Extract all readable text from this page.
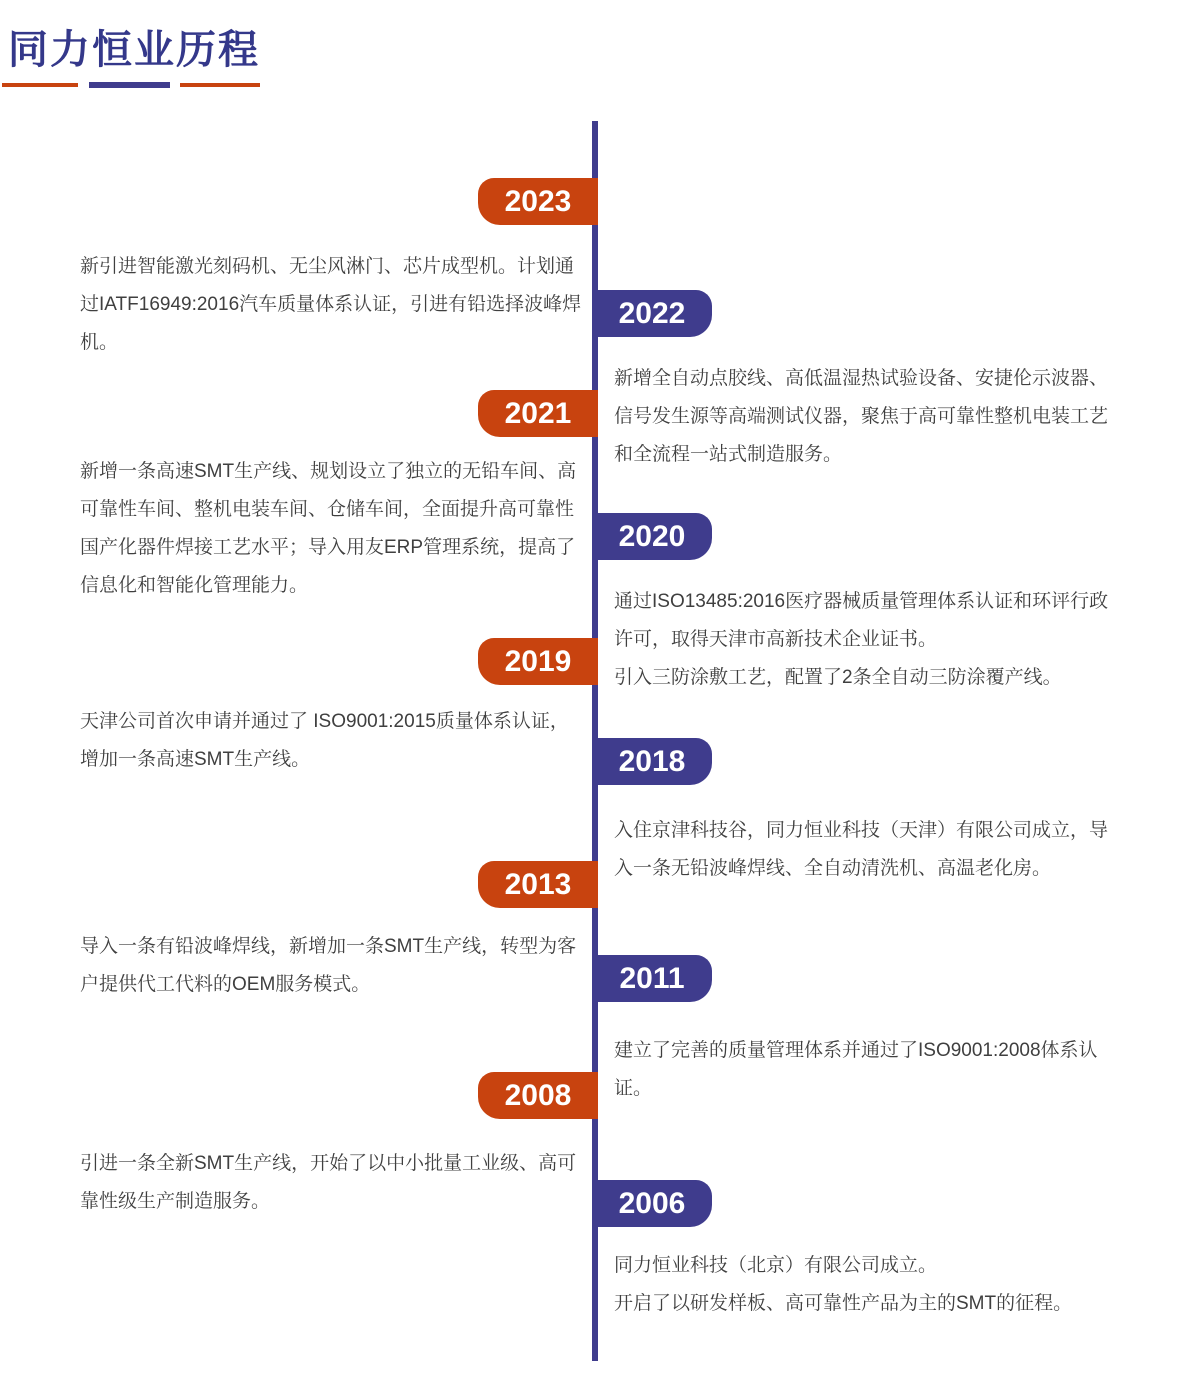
同力恒业历程
2023

新引进智能激光刻码机、无尘风淋门、芯片成型机。计划通过IATF16949:2016汽车质量体系认证，引进有铅选择波峰焊机。

2022

新增全自动点胶线、高低温湿热试验设备、安捷伦示波器、信号发生源等高端测试仪器，聚焦于高可靠性整机电装工艺和全流程一站式制造服务。

2021

新增一条高速SMT生产线、规划设立了独立的无铅车间、高可靠性车间、整机电装车间、仓储车间，全面提升高可靠性国产化器件焊接工艺水平；导入用友ERP管理系统，提高了信息化和智能化管理能力。

2020

通过ISO13485:2016医疗器械质量管理体系认证和环评行政许可，取得天津市高新技术企业证书。

引入三防涂敷工艺，配置了2条全自动三防涂覆产线。

2019

天津公司首次申请并通过了 ISO9001:2015质量体系认证，增加一条高速SMT生产线。	2018

入住京津科技谷，同力恒业科技（天津）有限公司成立，导入一条无铅波峰焊线、全自动清洗机、高温老化房。

2013

导入一条有铅波峰焊线，新增加一条SMT生产线，转型为客户提供代工代料的OEM服务模式。	2011

建立了完善的质量管理体系并通过了ISO9001:2008体系认证。

2008

引进一条全新SMT生产线，开始了以中小批量工业级、高可靠性级生产制造服务。	2006

同力恒业科技（北京）有限公司成立。

开启了以研发样板、高可靠性产品为主的SMT的征程。
